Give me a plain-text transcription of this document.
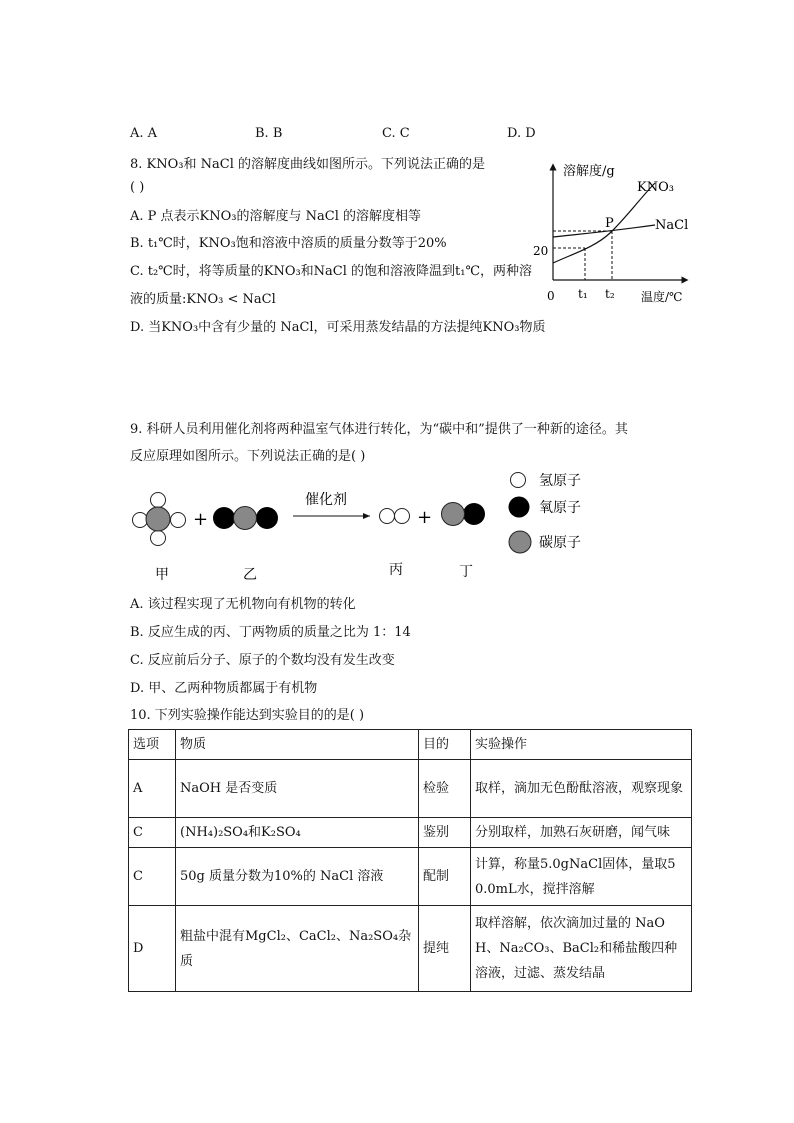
A. A	B. B	C. C	D. D
8. KNO₃和 NaCl 的溶解度曲线如图所示。下列说法正确的是
( )
A. P 点表示KNO₃的溶解度与 NaCl 的溶解度相等
B. t₁℃时，KNO₃饱和溶液中溶质的质量分数等于20%
C. t₂℃时，将等质量的KNO₃和NaCl 的饱和溶液降温到t₁℃，两种溶
液的质量:KNO₃ < NaCl
D. 当KNO₃中含有少量的 NaCl，可采用蒸发结晶的方法提纯KNO₃物质
溶解度/g
温度/℃
0
20
P
KNO₃
NaCl
t₁ t₂
9. 科研人员利用催化剂将两种温室气体进行转化，为“碳中和”提供了一种新的途径。其
反应原理如图所示。下列说法正确的是( )
+
催化剂
+
氢原子
氧原子
碳原子
甲	乙	丙	丁
A. 该过程实现了无机物向有机物的转化
B. 反应生成的丙、丁两物质的质量之比为 1：14
C. 反应前后分子、原子的个数均没有发生改变
D. 甲、乙两种物质都属于有机物
10. 下列实验操作能达到实验目的的是( )
选项	物质	目的	实验操作
A	NaOH 是否变质	检验	取样，滴加无色酚酞溶液，观察现象
C	(NH₄)₂SO₄和K₂SO₄	鉴别	分别取样，加熟石灰研磨，闻气味
C	50g 质量分数为10%的 NaCl 溶液	配制	计算，称量5.0gNaCl固体，量取50.0mL水，搅拌溶解
D	粗盐中混有MgCl₂、CaCl₂、Na₂SO₄杂质	提纯	取样溶解，依次滴加过量的 NaOH、Na₂CO₃、BaCl₂和稀盐酸四种溶液，过滤、蒸发结晶
